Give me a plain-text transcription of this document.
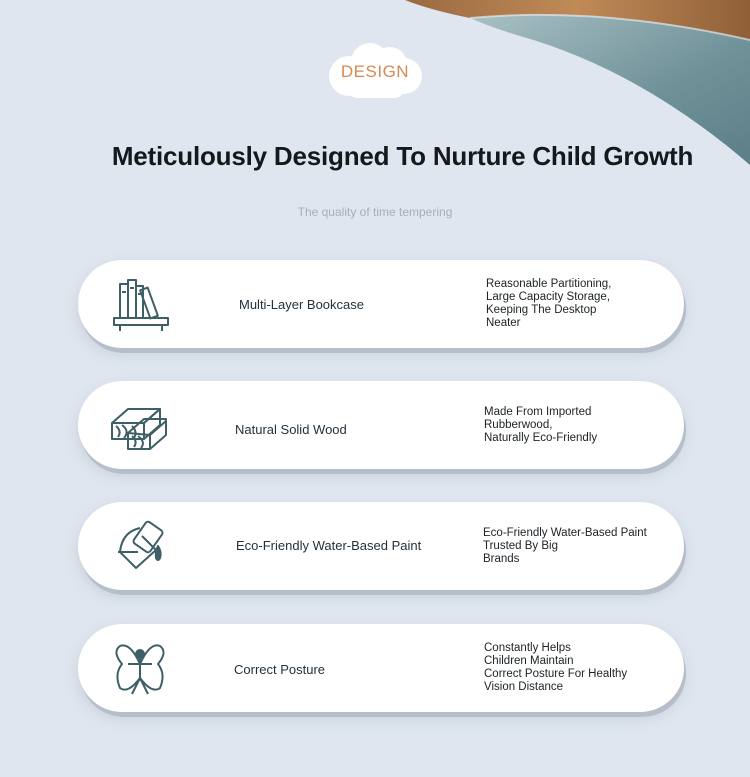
DESIGN
Meticulously Designed To Nurture Child Growth
The quality of time tempering
Multi-Layer Bookcase
Reasonable Partitioning,
Large Capacity Storage,
Keeping The Desktop
Neater
Natural Solid Wood
Made From Imported
Rubberwood,
Naturally Eco-Friendly
Eco-Friendly Water-Based Paint
Eco-Friendly Water-Based Paint
Trusted By Big
Brands
Correct Posture
Constantly Helps
Children Maintain
Correct Posture For Healthy
Vision Distance
